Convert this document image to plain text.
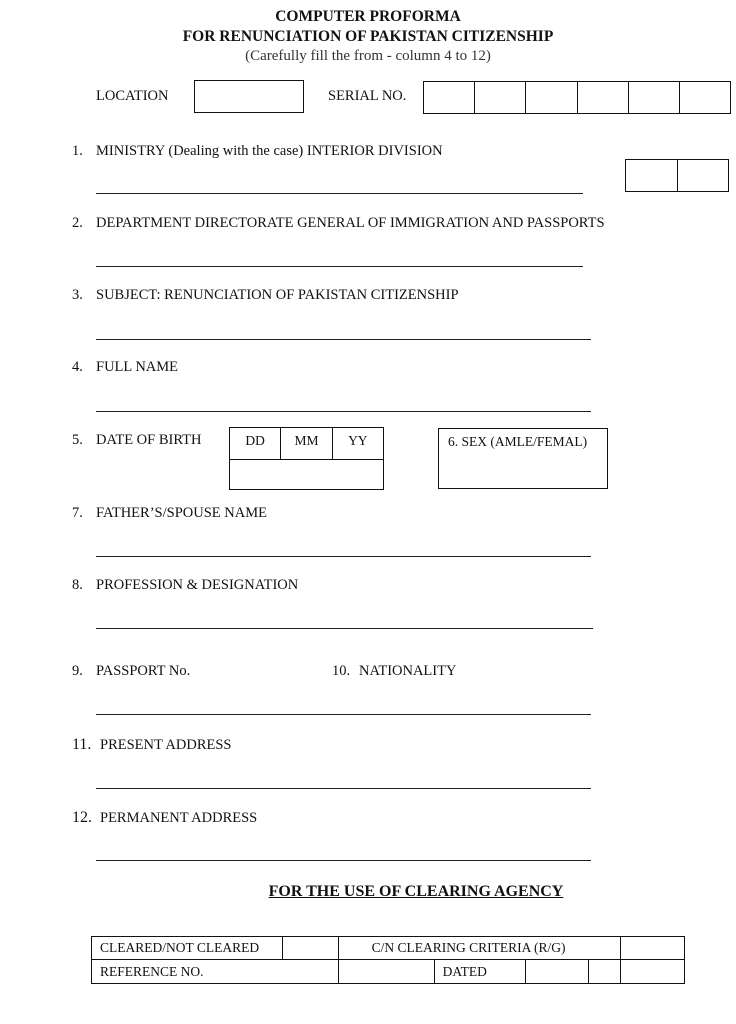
COMPUTER PROFORMA
FOR RENUNCIATION OF PAKISTAN CITIZENSHIP
(Carefully fill the from - column 4 to 12)
LOCATION	SERIAL NO.
1. MINISTRY (Dealing with the case) INTERIOR DIVISION
2. DEPARTMENT DIRECTORATE GENERAL OF IMMIGRATION AND PASSPORTS
3. SUBJECT: RENUNCIATION OF PAKISTAN CITIZENSHIP
4. FULL NAME
5. DATE OF BIRTH	DD	MM	YY	6. SEX (AMLE/FEMAL)
7. FATHER’S/SPOUSE NAME
8. PROFESSION & DESIGNATION
9. PASSPORT No.	10. NATIONALITY
11. PRESENT ADDRESS
12. PERMANENT ADDRESS
FOR THE USE OF CLEARING AGENCY
CLEARED/NOT CLEARED		C/N CLEARING CRITERIA (R/G)		
REFERENCE NO.		DATED		
